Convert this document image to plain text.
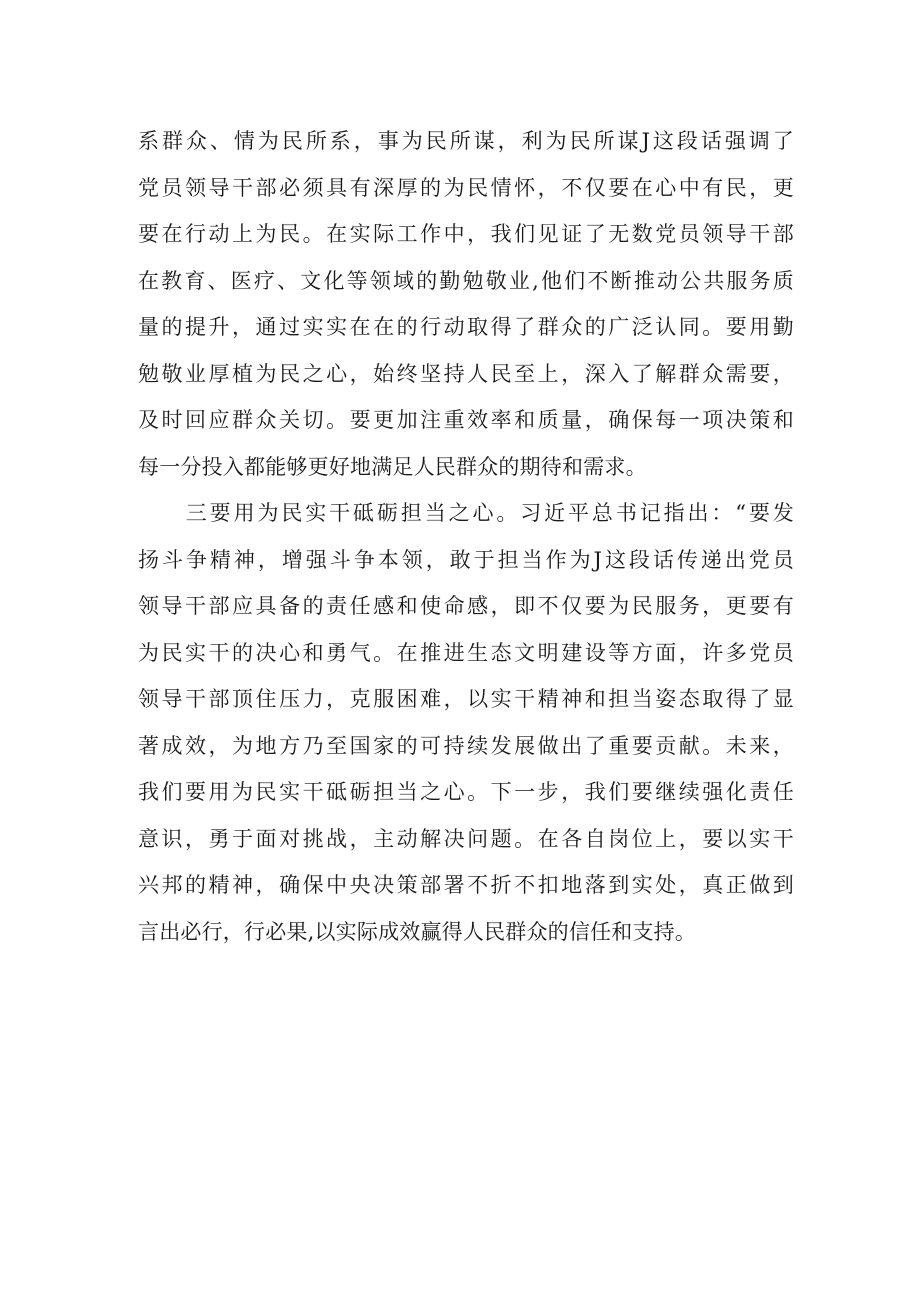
系群众、情为民所系，事为民所谋，利为民所谋J这段话强调了
党员领导干部必须具有深厚的为民情怀，不仅要在心中有民，更
要在行动上为民。在实际工作中，我们见证了无数党员领导干部
在教育、医疗、文化等领域的勤勉敬业,他们不断推动公共服务质
量的提升，通过实实在在的行动取得了群众的广泛认同。要用勤
勉敬业厚植为民之心，始终坚持人民至上，深入了解群众需要，
及时回应群众关切。要更加注重效率和质量，确保每一项决策和
每一分投入都能够更好地满足人民群众的期待和需求。
　　三要用为民实干砥砺担当之心。习近平总书记指出：“要发
扬斗争精神，增强斗争本领，敢于担当作为J这段话传递出党员
领导干部应具备的责任感和使命感，即不仅要为民服务，更要有
为民实干的决心和勇气。在推进生态文明建设等方面，许多党员
领导干部顶住压力，克服困难，以实干精神和担当姿态取得了显
著成效，为地方乃至国家的可持续发展做出了重要贡献。未来，
我们要用为民实干砥砺担当之心。下一步，我们要继续强化责任
意识，勇于面对挑战，主动解决问题。在各自岗位上，要以实干
兴邦的精神，确保中央决策部署不折不扣地落到实处，真正做到
言出必行，行必果,以实际成效赢得人民群众的信任和支持。
